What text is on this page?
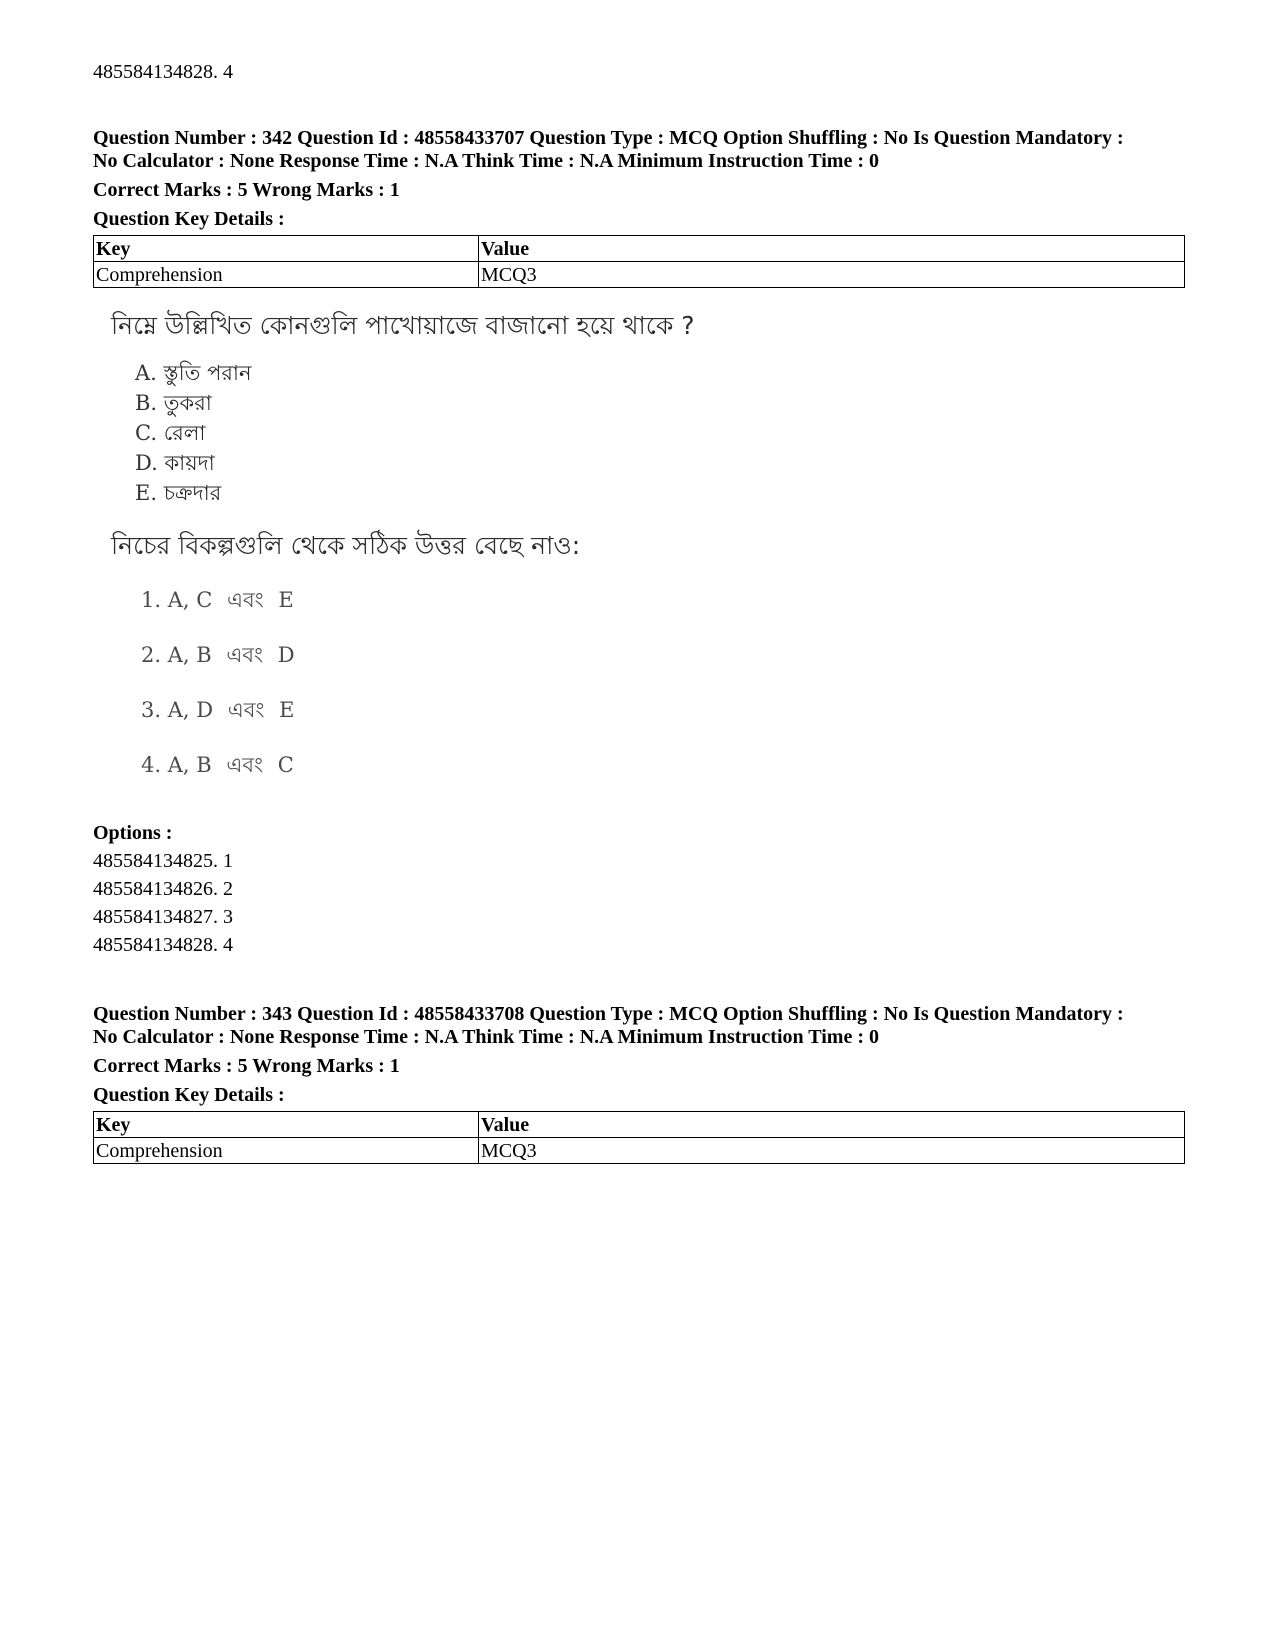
485584134828. 4
Question Number : 342 Question Id : 48558433707 Question Type : MCQ Option Shuffling : No Is Question Mandatory :
No Calculator : None Response Time : N.A Think Time : N.A Minimum Instruction Time : 0
Correct Marks : 5 Wrong Marks : 1
Question Key Details :
Key	Value
Comprehension	MCQ3
নিম্নে উল্লিখিত কোনগুলি পাখোয়াজে বাজানো হয়ে থাকে ?
A. স্তুতি পরান
B. তুকরা
C. রেলা
D. কায়দা
E. চক্রদার
নিচের বিকল্পগুলি থেকে সঠিক উত্তর বেছে নাও:
1. A, C এবং E
2. A, B এবং D
3. A, D এবং E
4. A, B এবং C
Options :
485584134825. 1
485584134826. 2
485584134827. 3
485584134828. 4
Question Number : 343 Question Id : 48558433708 Question Type : MCQ Option Shuffling : No Is Question Mandatory :
No Calculator : None Response Time : N.A Think Time : N.A Minimum Instruction Time : 0
Correct Marks : 5 Wrong Marks : 1
Question Key Details :
Key	Value
Comprehension	MCQ3
